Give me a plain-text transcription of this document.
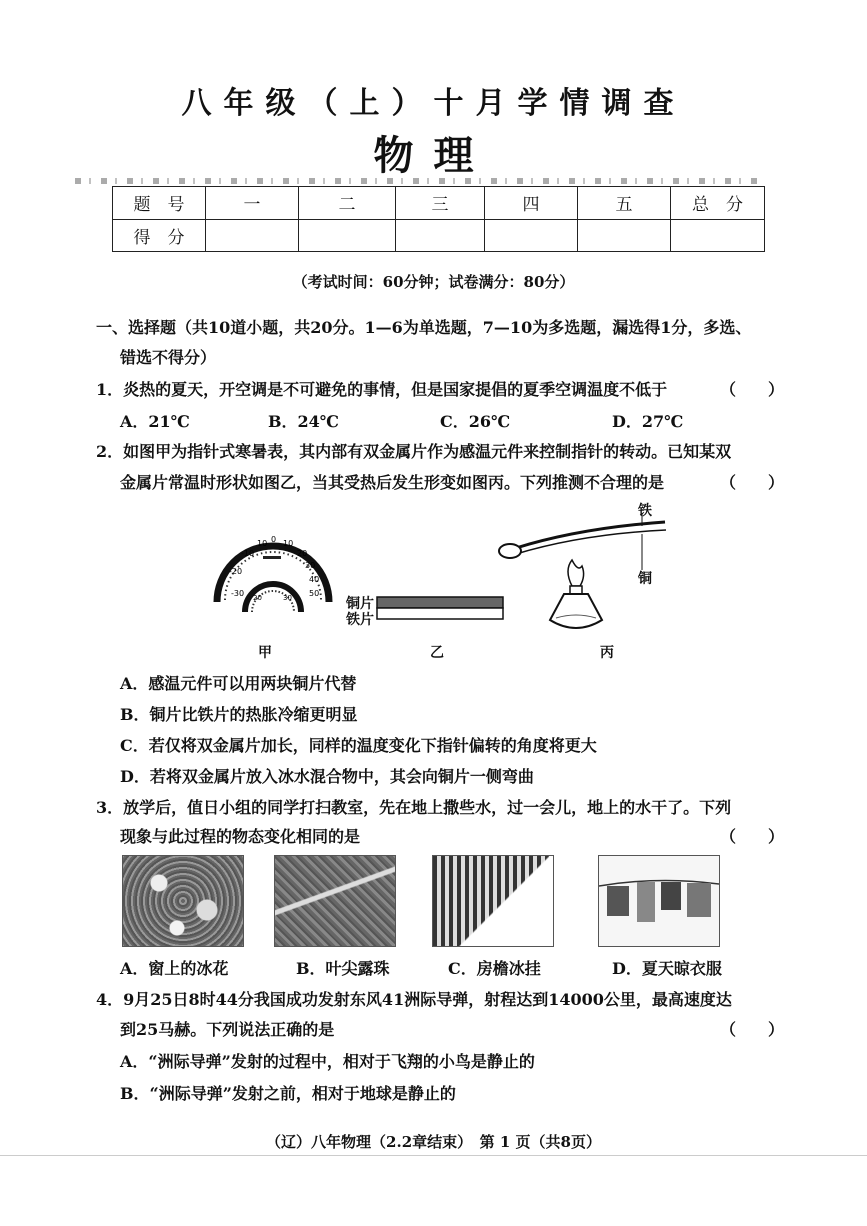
八年级（上）十月学情调查
物理
题　号	一	二	三	四	五	总　分
得　分						
（考试时间：60分钟；试卷满分：80分）
一、选择题（共10道小题，共20分。1—6为单选题，7—10为多选题，漏选得1分，多选、
错选不得分）
1．炎热的夏天，开空调是不可避免的事情，但是国家提倡的夏季空调温度不低于	（　　）
A．21℃	B．24℃	C．26℃	D．27℃
2．如图甲为指针式寒暑表，其内部有双金属片作为感温元件来控制指针的转动。已知某双
金属片常温时形状如图乙，当其受热后发生形变如图丙。下列推测不合理的是	（　　）
10 0 10
20
30
40
50
-10
-20
-30 20	30	铜片
铁片
铁
铜
甲	乙	丙
A．感温元件可以用两块铜片代替
B．铜片比铁片的热胀冷缩更明显
C．若仅将双金属片加长，同样的温度变化下指针偏转的角度将更大
D．若将双金属片放入冰水混合物中，其会向铜片一侧弯曲
3．放学后，值日小组的同学打扫教室，先在地上撒些水，过一会儿，地上的水干了。下列
现象与此过程的物态变化相同的是	（　　）
A．窗上的冰花	B．叶尖露珠	C．房檐冰挂	D．夏天晾衣服
4．9月25日8时44分我国成功发射东风41洲际导弹，射程达到14000公里，最高速度达
到25马赫。下列说法正确的是	（　　）
A．“洲际导弹”发射的过程中，相对于飞翔的小鸟是静止的
B．“洲际导弹”发射之前，相对于地球是静止的
（辽）八年物理（2.2章结束）　第 1 页（共8页）
